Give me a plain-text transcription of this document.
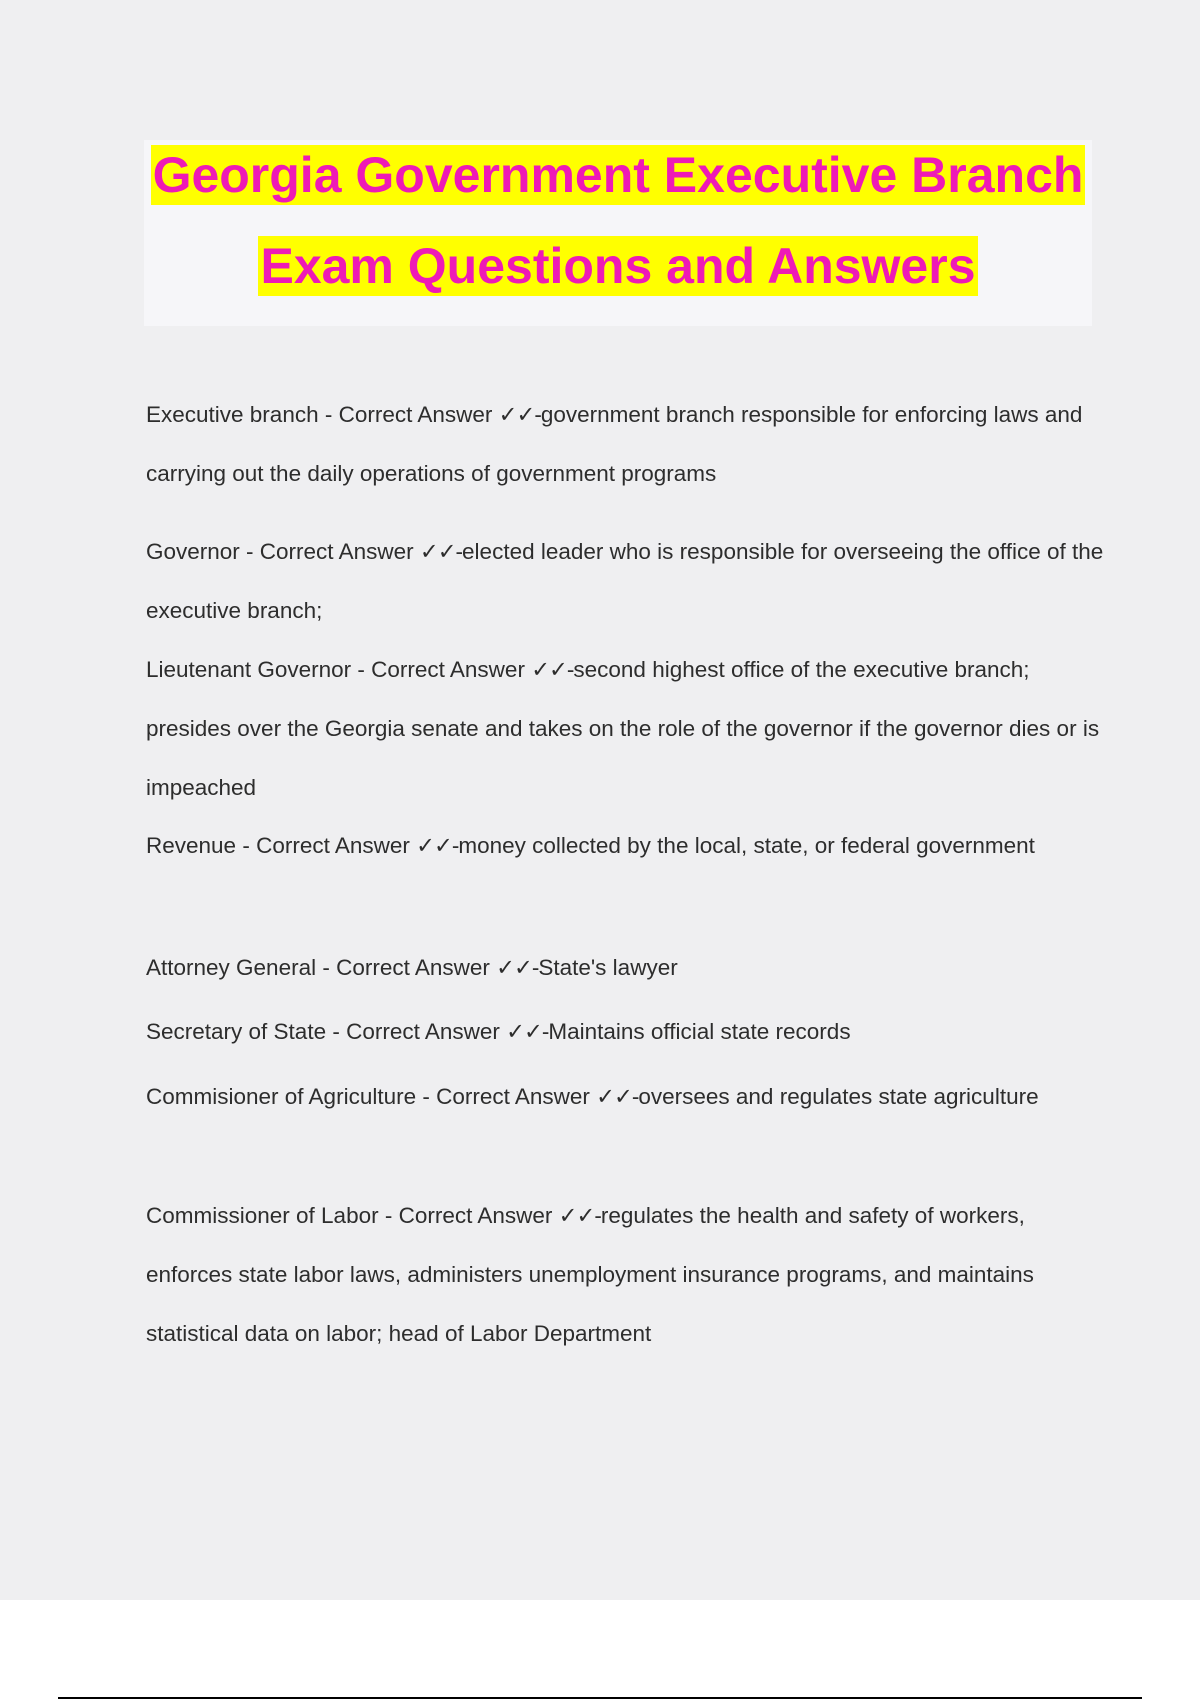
Georgia Government Executive Branch
Exam Questions and Answers

Executive branch - Correct Answer ✓✓-government branch responsible for enforcing laws and carrying out the daily operations of government programs

Governor - Correct Answer ✓✓-elected leader who is responsible for overseeing the office of the executive branch;

Lieutenant Governor - Correct Answer ✓✓-second highest office of the executive branch; presides over the Georgia senate and takes on the role of the governor if the governor dies or is impeached

Revenue - Correct Answer ✓✓-money collected by the local, state, or federal government

Attorney General - Correct Answer ✓✓-State's lawyer

Secretary of State - Correct Answer ✓✓-Maintains official state records

Commisioner of Agriculture - Correct Answer ✓✓-oversees and regulates state agriculture

Commissioner of Labor - Correct Answer ✓✓-regulates the health and safety of workers, enforces state labor laws, administers unemployment insurance programs, and maintains statistical data on labor; head of Labor Department
